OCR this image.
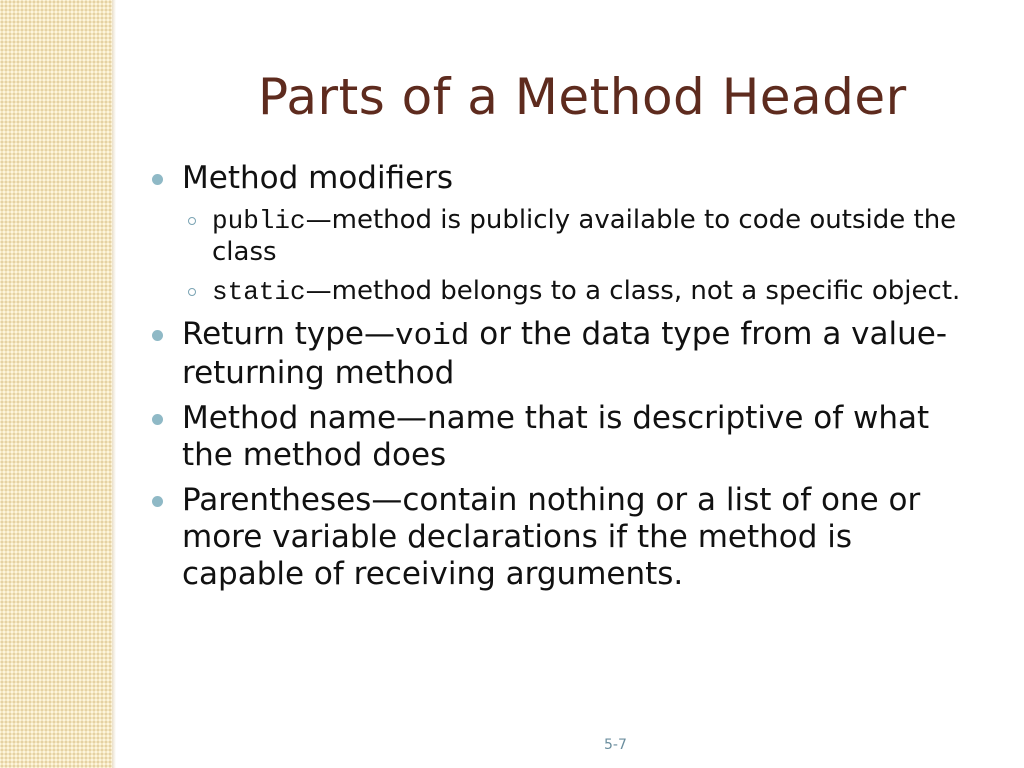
Parts of a Method Header
Method modifiers
public—method is publicly available to code outside the class
static—method belongs to a class, not a specific object.
Return type—void or the data type from a value-returning method
Method name—name that is descriptive of what the method does
Parentheses—contain nothing or a list of one or more variable declarations if the method is capable of receiving arguments.
5-7
